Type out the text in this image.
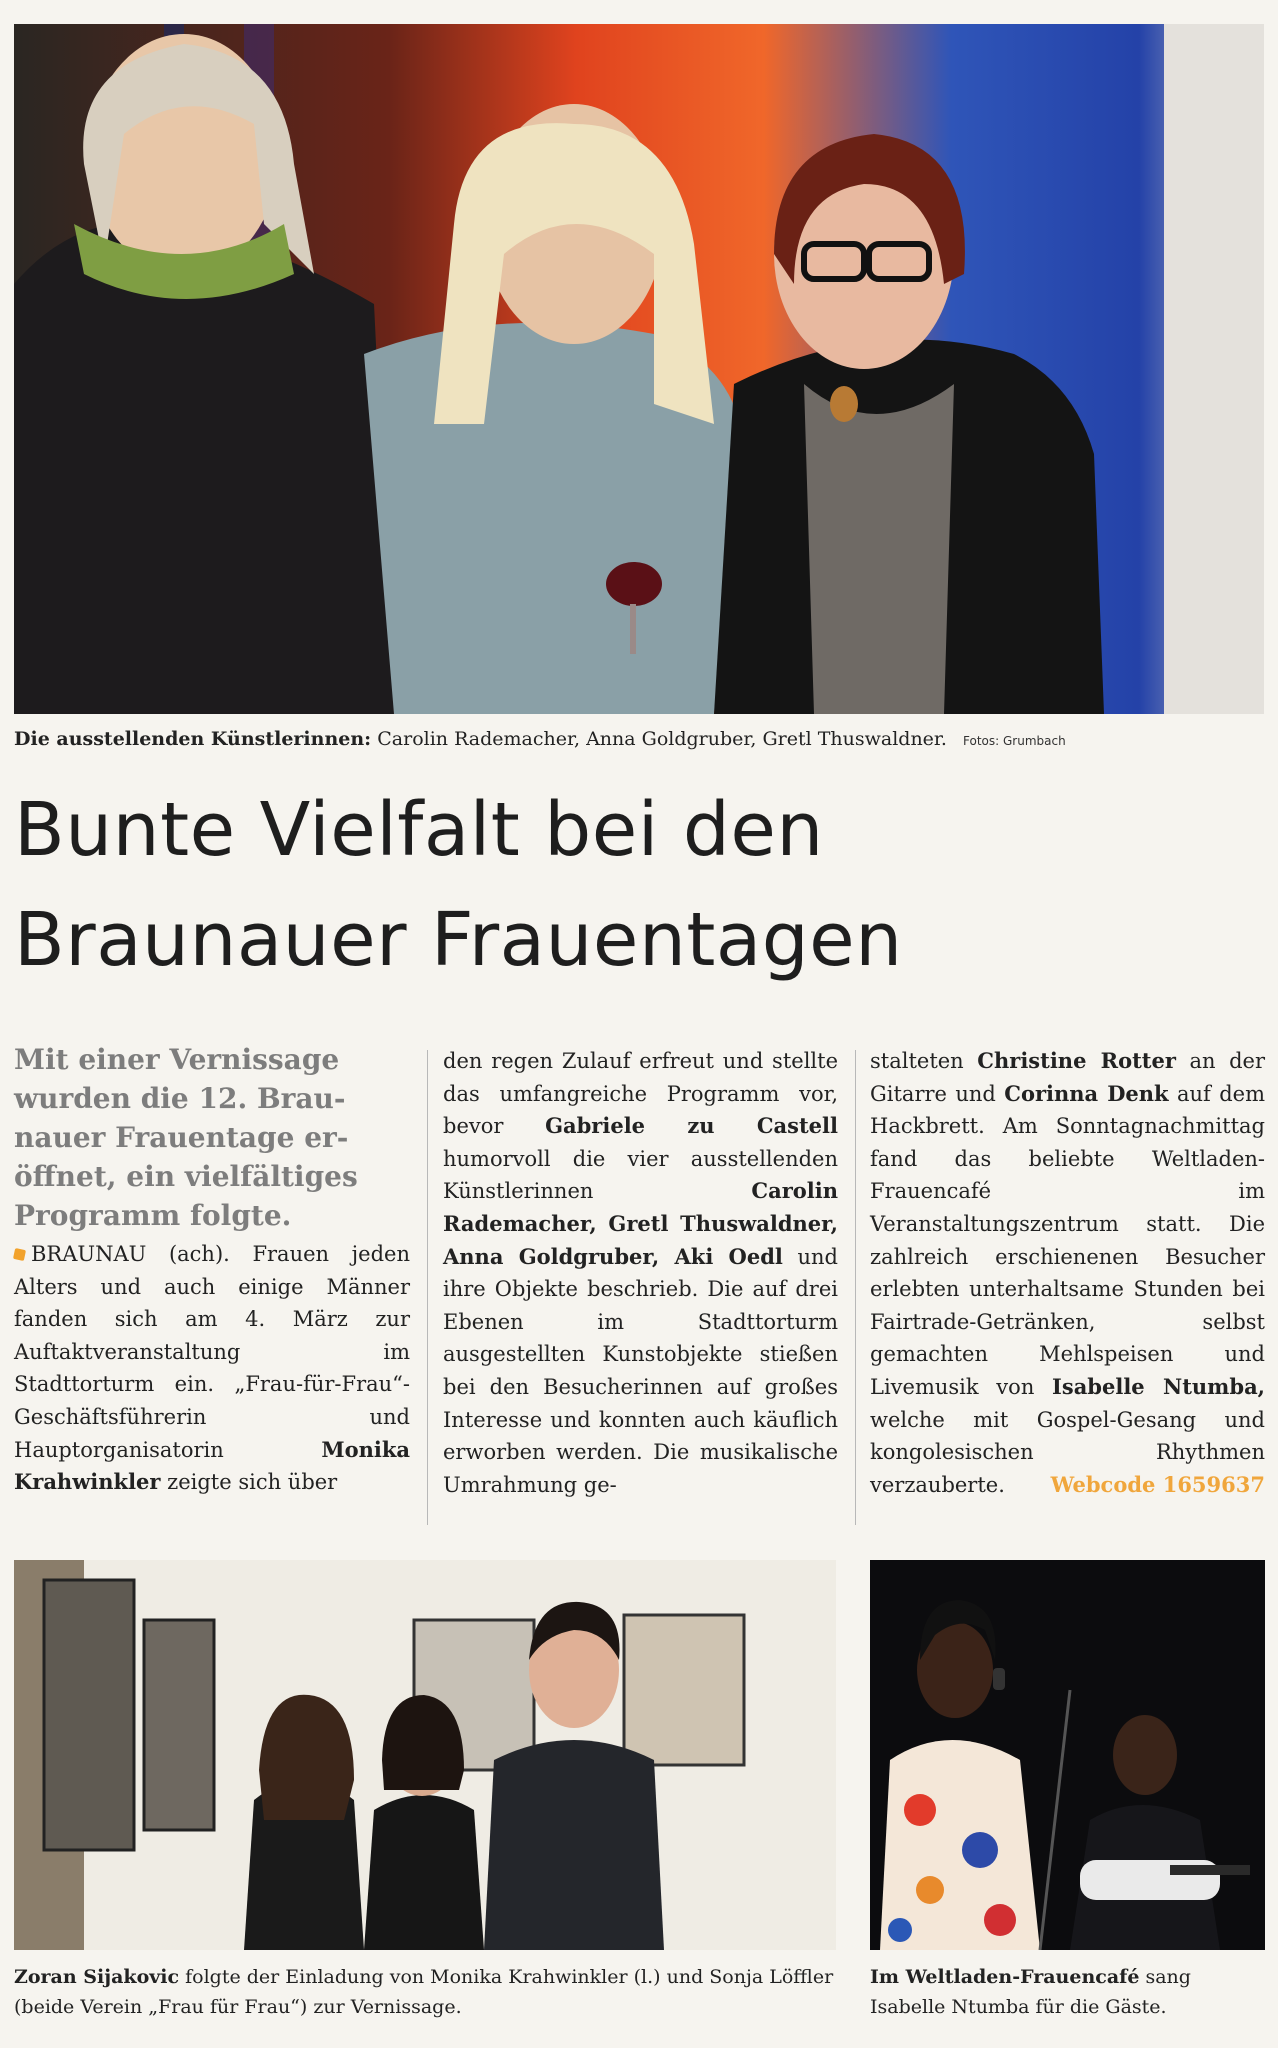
Die ausstellenden Künstlerinnen: Carolin Rademacher, Anna Goldgruber, Gretl Thuswaldner. Fotos: Grumbach
Bunte Vielfalt bei den
Braunauer Frauentagen
Mit einer Vernissage
wurden die 12. Brau-
nauer Frauentage er-
öffnet, ein vielfältiges
Programm folgte.

BRAUNAU (ach). Frauen jeden Alters und auch einige Männer fanden sich am 4. März zur Auftaktveranstaltung im Stadttorturm ein. „Frau-für-Frau“-Geschäftsführerin und Hauptorganisatorin Monika Krahwinkler zeigte sich über

den regen Zulauf erfreut und stellte das umfangreiche Programm vor, bevor Gabriele zu Castell humorvoll die vier ausstellenden Künstlerinnen Carolin Rademacher, Gretl Thuswaldner, Anna Goldgruber, Aki Oedl und ihre Objekte beschrieb. Die auf drei Ebenen im Stadttorturm ausgestellten Kunstobjekte stießen bei den Besucherinnen auf großes Interesse und konnten auch käuflich erworben werden. Die musikalische Umrahmung ge-

stalteten Christine Rotter an der Gitarre und Corinna Denk auf dem Hackbrett. Am Sonntagnachmittag fand das beliebte Weltladen-Frauencafé im Veranstaltungszentrum statt. Die zahlreich erschienenen Besucher erlebten unterhaltsame Stunden bei Fairtrade-Getränken, selbst gemachten Mehlspeisen und Livemusik von Isabelle Ntumba, welche mit Gospel-Gesang und kongolesischen Rhythmen verzauberte. Webcode 1659637

Zoran Sijakovic folgte der Einladung von Monika Krahwinkler (l.) und Sonja Löffler (beide Verein „Frau für Frau“) zur Vernissage.
Im Weltladen-Frauencafé sang Isabelle Ntumba für die Gäste.
